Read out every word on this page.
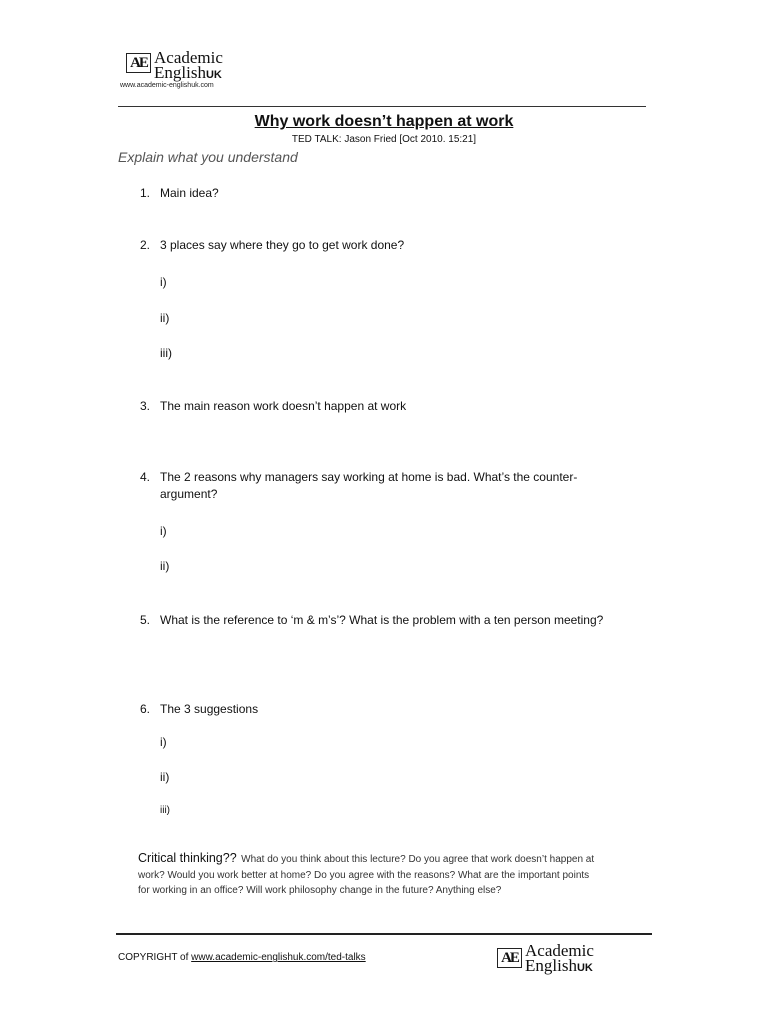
AE Academic
EnglishUK
www.academic-englishuk.com
Why work doesn’t happen at work
TED TALK: Jason Fried [Oct 2010. 15:21]
Explain what you understand
1. Main idea?
2. 3 places say where they go to get work done?
i)
ii)
iii)
3. The main reason work doesn’t happen at work
4. The 2 reasons why managers say working at home is bad. What’s the counter-
argument?
i)
ii)
5. What is the reference to ‘m & m’s’? What is the problem with a ten person meeting?
6. The 3 suggestions
i)
ii)
iii)
Critical thinking?? What do you think about this lecture? Do you agree that work doesn’t happen at
work? Would you work better at home? Do you agree with the reasons? What are the important points
for working in an office? Will work philosophy change in the future? Anything else?
COPYRIGHT of www.academic-englishuk.com/ted-talks	AE Academic
EnglishUK
